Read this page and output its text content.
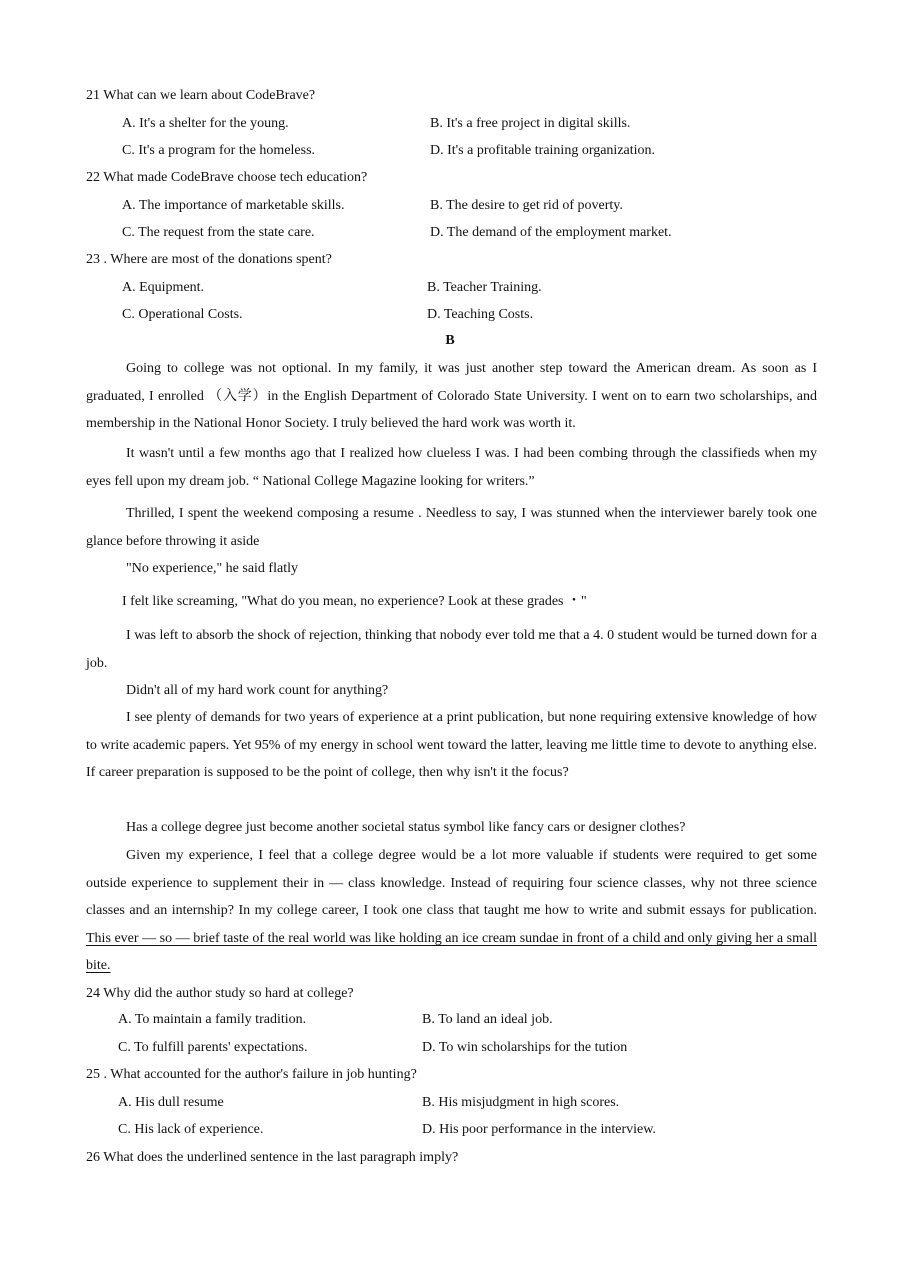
21 What can we learn about CodeBrave?
A. It's a shelter for the young.	B. It's a free project in digital skills.
C. It's a program for the homeless.	D. It's a profitable training organization.
22 What made CodeBrave choose tech education?
A. The importance of marketable skills.	B. The desire to get rid of poverty.
C. The request from the state care.	D. The demand of the employment market.
23 . Where are most of the donations spent?
A. Equipment.	B. Teacher Training.
C. Operational Costs.	D. Teaching Costs.
B

Going to college was not optional. In my family, it was just another step toward the American dream. As soon as I graduated, I enrolled （入学）in the English Department of Colorado State University. I went on to earn two scholarships, and membership in the National Honor Society. I truly believed the hard work was worth it.

It wasn't until a few months ago that I realized how clueless I was. I had been combing through the classifieds when my eyes fell upon my dream job. “ National College Magazine looking for writers.”

Thrilled, I spent the weekend composing a resume . Needless to say, I was stunned when the interviewer barely took one glance before throwing it aside

"No experience," he said flatly

I felt like screaming, "What do you mean, no experience? Look at these grades ・"

I was left to absorb the shock of rejection, thinking that nobody ever told me that a 4. 0 student would be turned down for a job.

Didn't all of my hard work count for anything?

I see plenty of demands for two years of experience at a print publication, but none requiring extensive knowledge of how to write academic papers. Yet 95% of my energy in school went toward the latter, leaving me little time to devote to anything else. If career preparation is supposed to be the point of college, then why isn't it the focus?

Has a college degree just become another societal status symbol like fancy cars or designer clothes?

Given my experience, I feel that a college degree would be a lot more valuable if students were required to get some outside experience to supplement their in — class knowledge. Instead of requiring four science classes, why not three science classes and an internship? In my college career, I took one class that taught me how to write and submit essays for publication. This ever — so — brief taste of the real world was like holding an ice cream sundae in front of a child and only giving her a small bite.

24 Why did the author study so hard at college?
A. To maintain a family tradition.	B. To land an ideal job.
C. To fulfill parents' expectations.	D. To win scholarships for the tution
25 . What accounted for the author's failure in job hunting?
A. His dull resume	B. His misjudgment in high scores.
C. His lack of experience.	D. His poor performance in the interview.
26 What does the underlined sentence in the last paragraph imply?
